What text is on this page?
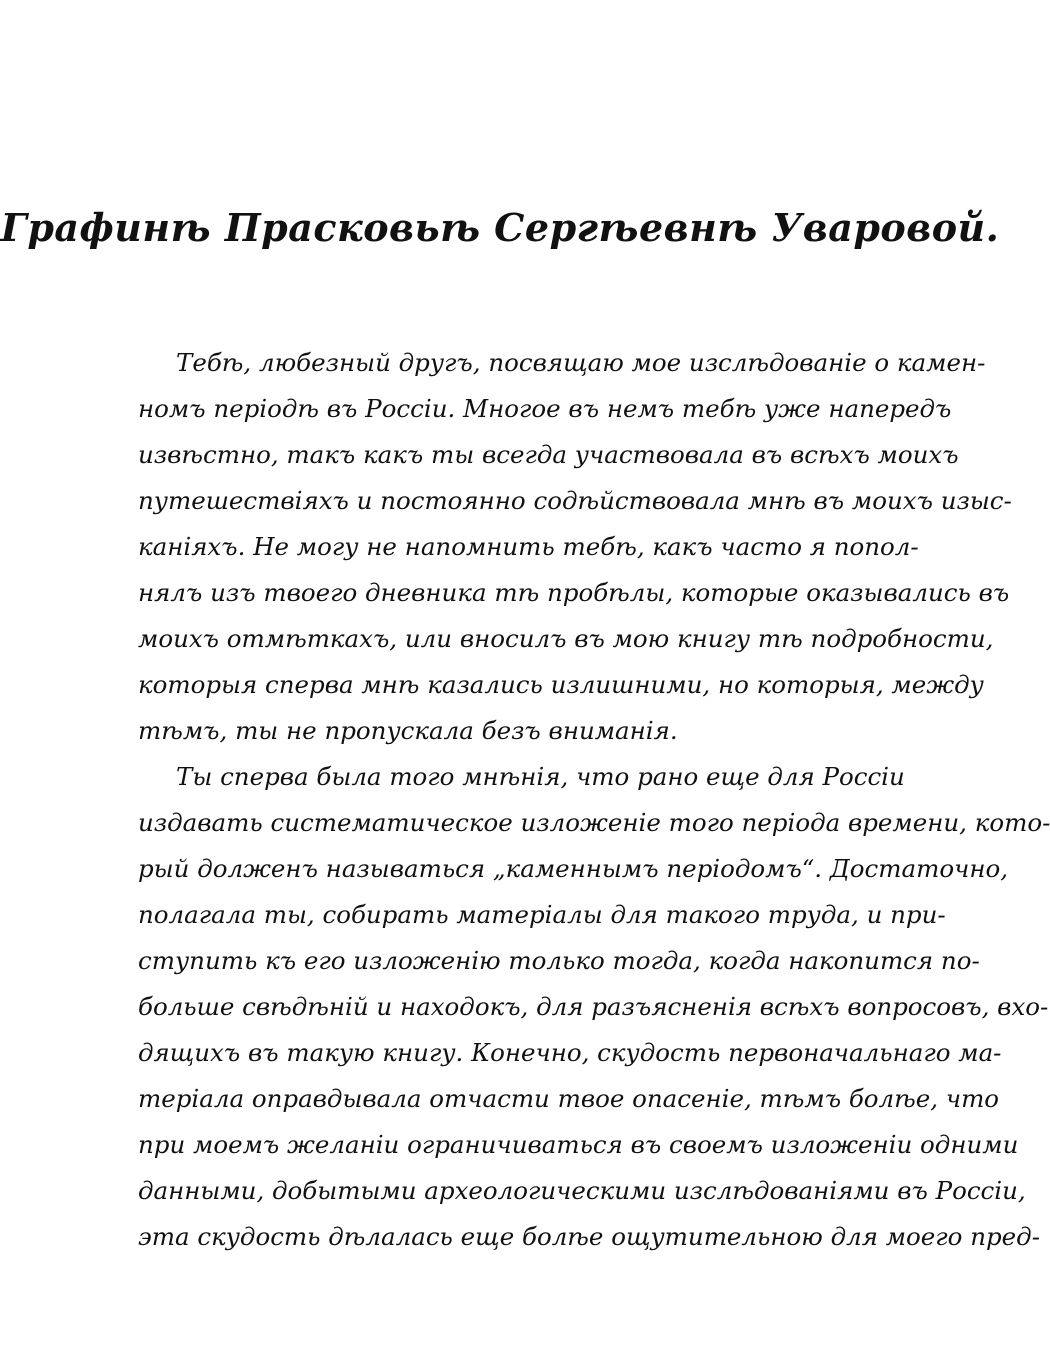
Графинѣ Прасковьѣ Сергѣевнѣ Уваровой.
Тебѣ, любезный другъ, посвящаю мое изслѣдованіе о камен-
номъ періодѣ въ Россіи. Многое въ немъ тебѣ уже напередъ
извѣстно, такъ какъ ты всегда участвовала въ всѣхъ моихъ
путешествіяхъ и постоянно содѣйствовала мнѣ въ моихъ изыс-
каніяхъ. Не могу не напомнить тебѣ, какъ часто я попол-
нялъ изъ твоего дневника тѣ пробѣлы, которые оказывались въ
моихъ отмѣткахъ, или вносилъ въ мою книгу тѣ подробности,
которыя сперва мнѣ казались излишними, но которыя, между
тѣмъ, ты не пропускала безъ вниманія.
Ты сперва была того мнѣнія, что рано еще для Россіи
издавать систематическое изложеніе того періода времени, кото-
рый долженъ называться „каменнымъ періодомъ“. Достаточно,
полагала ты, собирать матеріалы для такого труда, и при-
ступить къ его изложенію только тогда, когда накопится по-
больше свѣдѣній и находокъ, для разъясненія всѣхъ вопросовъ, вхо-
дящихъ въ такую книгу. Конечно, скудость первоначальнаго ма-
теріала оправдывала отчасти твое опасеніе, тѣмъ болѣе, что
при моемъ желаніи ограничиваться въ своемъ изложеніи одними
данными, добытыми археологическими изслѣдованіями въ Россіи,
эта скудость дѣлалась еще болѣе ощутительною для моего пред-
